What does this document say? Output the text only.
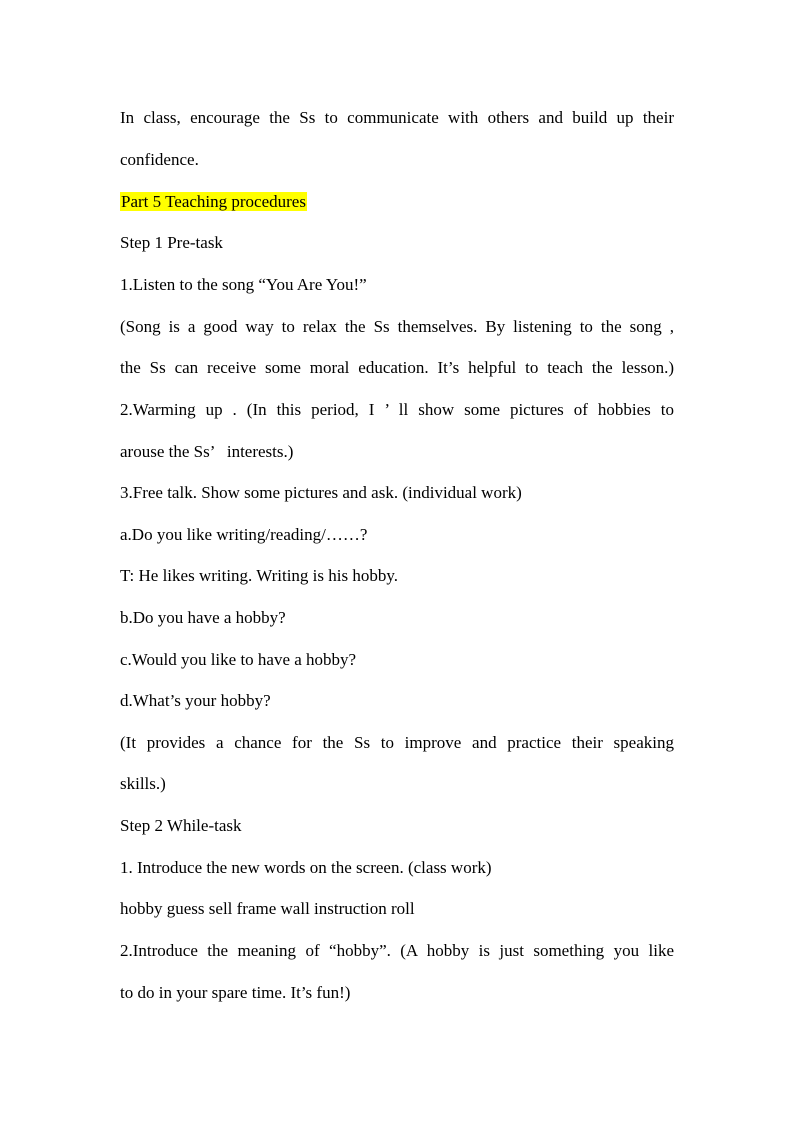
In class, encourage the Ss to communicate with others and build up their
confidence.
Part 5 Teaching procedures
Step 1 Pre-task
1.Listen to the song “You Are You!”
(Song is a good way to relax the Ss themselves. By listening to the song ,
the Ss can receive some moral education. It’s helpful to teach the lesson.)
2.Warming up . (In this period, I ’ ll show some pictures of hobbies to
arouse the Ss’   interests.)
3.Free talk. Show some pictures and ask. (individual work)
a.Do you like writing/reading/……?
T: He likes writing. Writing is his hobby.
b.Do you have a hobby?
c.Would you like to have a hobby?
d.What’s your hobby?
(It provides a chance for the Ss to improve and practice their speaking
skills.)
Step 2 While-task
1. Introduce the new words on the screen. (class work)
hobby guess sell frame wall instruction roll
2.Introduce the meaning of “hobby”. (A hobby is just something you like
to do in your spare time. It’s fun!)
